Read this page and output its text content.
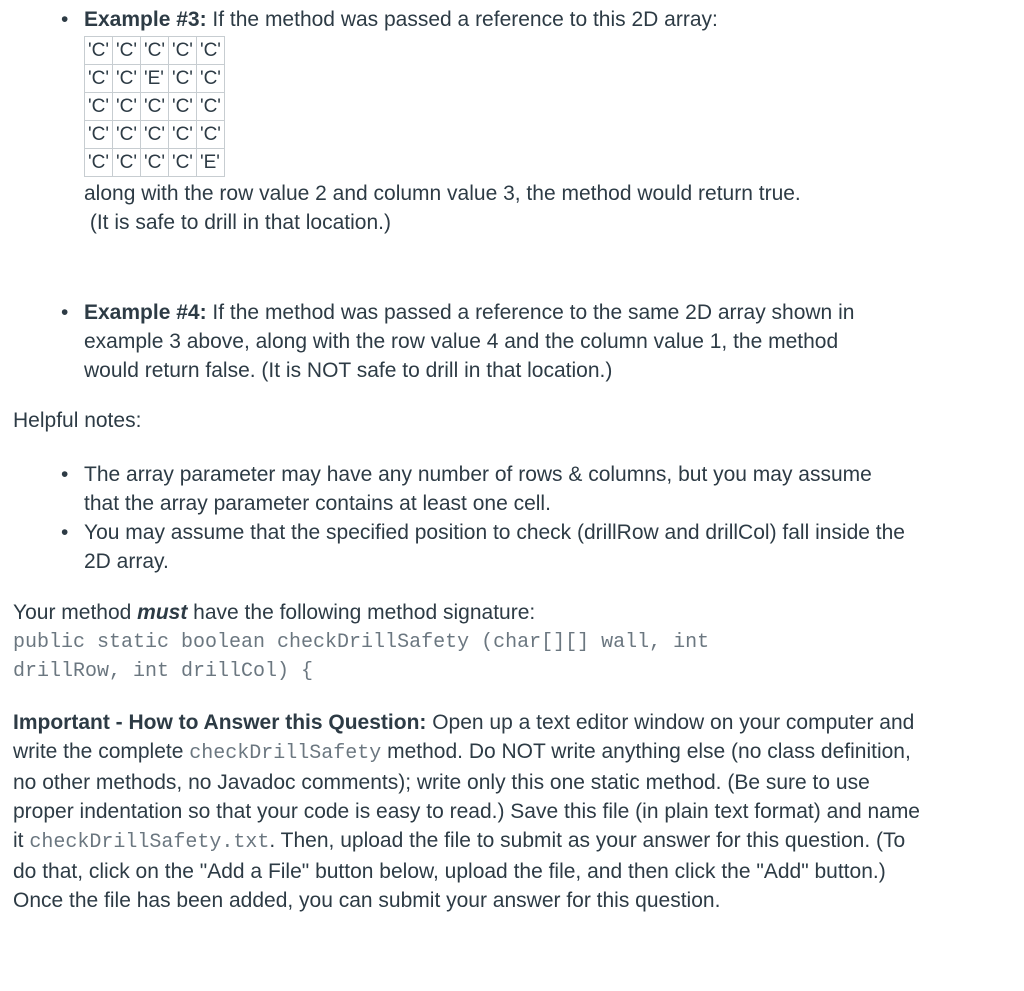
• Example #3: If the method was passed a reference to this 2D array:
'C'	'C'	'C'	'C'	'C'
'C'	'C'	'E'	'C'	'C'
'C'	'C'	'C'	'C'	'C'
'C'	'C'	'C'	'C'	'C'
'C'	'C'	'C'	'C'	'E'
along with the row value 2 and column value 3, the method would return true.
(It is safe to drill in that location.)
• Example #4: If the method was passed a reference to the same 2D array shown in example 3 above, along with the row value 4 and the column value 1, the method would return false. (It is NOT safe to drill in that location.)
Helpful notes:
• The array parameter may have any number of rows & columns, but you may assume that the array parameter contains at least one cell.
• You may assume that the specified position to check (drillRow and drillCol) fall inside the 2D array.
Your method must have the following method signature:
public static boolean checkDrillSafety (char[][] wall, int
drillRow, int drillCol) {
Important - How to Answer this Question: Open up a text editor window on your computer and write the complete checkDrillSafety method. Do NOT write anything else (no class definition, no other methods, no Javadoc comments); write only this one static method. (Be sure to use proper indentation so that your code is easy to read.) Save this file (in plain text format) and name it checkDrillSafety.txt. Then, upload the file to submit as your answer for this question. (To do that, click on the "Add a File" button below, upload the file, and then click the "Add" button.) Once the file has been added, you can submit your answer for this question.
